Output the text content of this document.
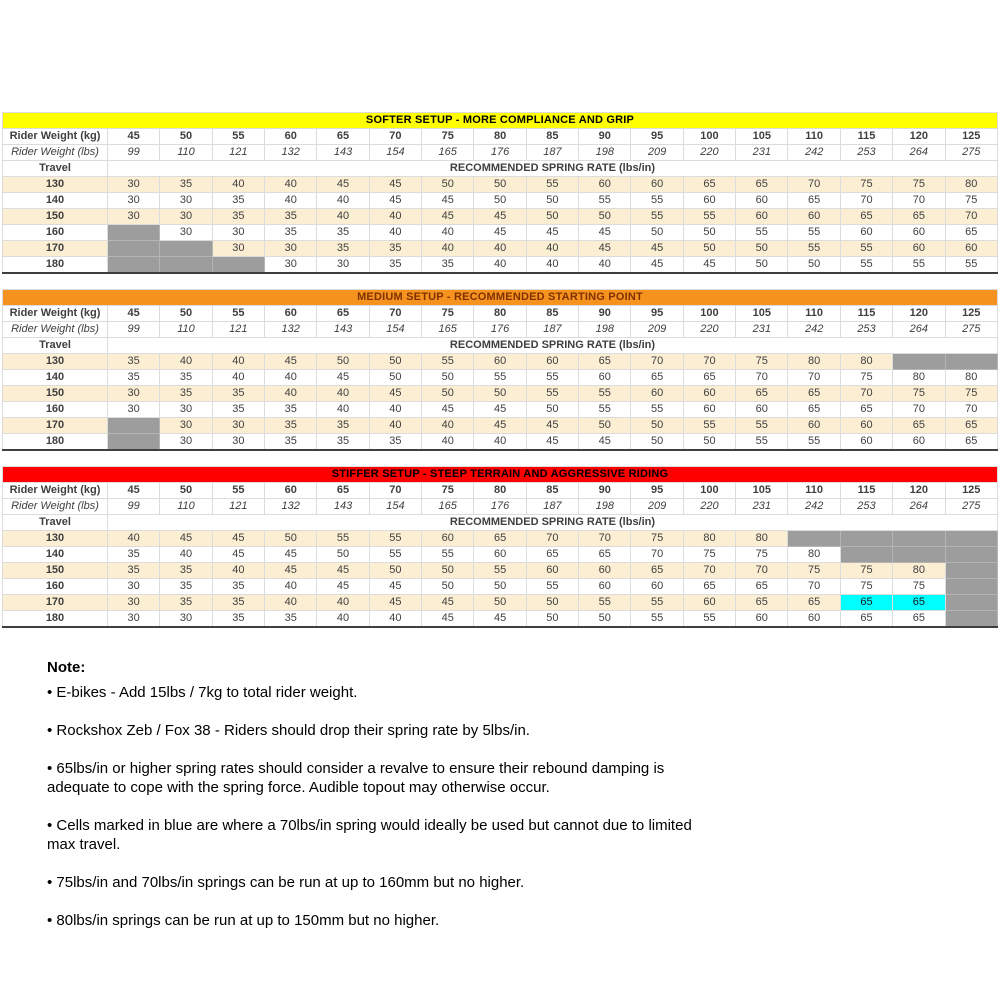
SOFTER SETUP - MORE COMPLIANCE AND GRIP																	
Rider Weight (kg)	45	50	55	60	65	70	75	80	85	90	95	100	105	110	115	120	125
Rider Weight (lbs)	99	110	121	132	143	154	165	176	187	198	209	220	231	242	253	264	275
Travel	RECOMMENDED SPRING RATE (lbs/in)																
130	30	35	40	40	45	45	50	50	55	60	60	65	65	70	75	75	80
140	30	30	35	40	40	45	45	50	50	55	55	60	60	65	70	70	75
150	30	30	35	35	40	40	45	45	50	50	55	55	60	60	65	65	70
160		30	30	35	35	40	40	45	45	45	50	50	55	55	60	60	65
170			30	30	35	35	40	40	40	45	45	50	50	55	55	60	60
180				30	30	35	35	40	40	40	45	45	50	50	55	55	55
MEDIUM SETUP - RECOMMENDED STARTING POINT																	
Rider Weight (kg)	45	50	55	60	65	70	75	80	85	90	95	100	105	110	115	120	125
Rider Weight (lbs)	99	110	121	132	143	154	165	176	187	198	209	220	231	242	253	264	275
Travel	RECOMMENDED SPRING RATE (lbs/in)																
130	35	40	40	45	50	50	55	60	60	65	70	70	75	80	80		
140	35	35	40	40	45	50	50	55	55	60	65	65	70	70	75	80	80
150	30	35	35	40	40	45	50	50	55	55	60	60	65	65	70	75	75
160	30	30	35	35	40	40	45	45	50	55	55	60	60	65	65	70	70
170		30	30	35	35	40	40	45	45	50	50	55	55	60	60	65	65
180		30	30	35	35	35	40	40	45	45	50	50	55	55	60	60	65
STIFFER SETUP - STEEP TERRAIN AND AGGRESSIVE RIDING																	
Rider Weight (kg)	45	50	55	60	65	70	75	80	85	90	95	100	105	110	115	120	125
Rider Weight (lbs)	99	110	121	132	143	154	165	176	187	198	209	220	231	242	253	264	275
Travel	RECOMMENDED SPRING RATE (lbs/in)																
130	40	45	45	50	55	55	60	65	70	70	75	80	80				
140	35	40	45	45	50	55	55	60	65	65	70	75	75	80			
150	35	35	40	45	45	50	50	55	60	60	65	70	70	75	75	80	
160	30	35	35	40	45	45	50	50	55	60	60	65	65	70	75	75	
170	30	35	35	40	40	45	45	50	50	55	55	60	65	65	65	65	
180	30	30	35	35	40	40	45	45	50	50	55	55	60	60	65	65	
Note:

• E-bikes - Add 15lbs / 7kg to total rider weight.

• Rockshox Zeb / Fox 38 - Riders should drop their spring rate by 5lbs/in.

• 65lbs/in or higher spring rates should consider a revalve to ensure their rebound damping is adequate to cope with the spring force. Audible topout may otherwise occur.

• Cells marked in blue are where a 70lbs/in spring would ideally be used but cannot due to limited max travel.

• 75lbs/in and 70lbs/in springs can be run at up to 160mm but no higher.

• 80lbs/in springs can be run at up to 150mm but no higher.
